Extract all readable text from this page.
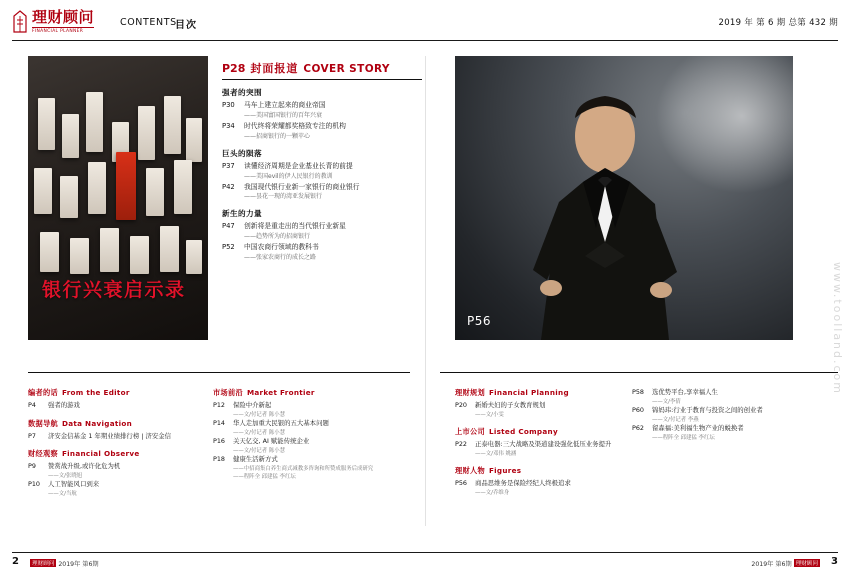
理财顾问
FINANCIAL PLANNER
CONTENTS
目次	2019 年 第 6 期 总第 432 期
银行兴衰启示录
P28 封面报道 COVER STORY
强者的突围
P30	马车上建立起来的商业帝国
——美国富国银行的百年兴衰
P34	时代终将荣耀都奖格致专注的机构
——招商银行的一颗苹心
巨头的陨落
P37	读懂经济周期是企业基业长青的前提
——美国evil的伊人民银行的教训
P42	我国现代银行业新一家银行的商业银行
——昙花一现的湾亚发展银行
新生的力量
P47	创新将是重走出的当代银行业新星
——趋势所为的招商银行
P52	中国农商行领域的教科书
——张家农商行的成长之路
P56
编者的话 From the Editor
P4	强者的游戏
数据导航 Data Navigation
P7	济安金信基金 1 年期业绩排行榜 | 济安金信
财经观察 Financial Observe
P9	赞赏战升级,或许化危为机
——文/张晓旭
P10	人工智能风口到来
——文/当航
市场前沿 Market Frontier
P12	保险中介新起
——文/付记者 陈小慧
P14	华人走加重大民银的五大基本问题
——文/付记者 陈小慧
P16	关天亿交, AI 赋能传统企业
——文/付记者 陈小慧
P18	健康生活新方式
——中招商集白养生商式减教多咨询和所赞成服务后成研究
——程阵全 邱建猛 李红坛
理财规划 Financial Planning
P20	新婚夫妇的子女教育规划
——文/小雯
上市公司 Listed Company
P22	正泰电器:三大战略及渠道建设强化低压业务提升
——文/邓伟 姚涵
理财人物 Figures
P56	商品思维务是保险经纪人终极追求
——文/乔维身
P58	选优势平台,享幸福人生
——文/李倩
P60	锦妈玮:行业于教育与投资之间的创业者
——文/付记者 李燕
P62	留森福:美利福生物产业的蜕换者
——程阵全 邱建猛 李红坛
www.toolland.com
2	3
理财顾问 2019年 第6期	2019年 第6期 理财顾问
